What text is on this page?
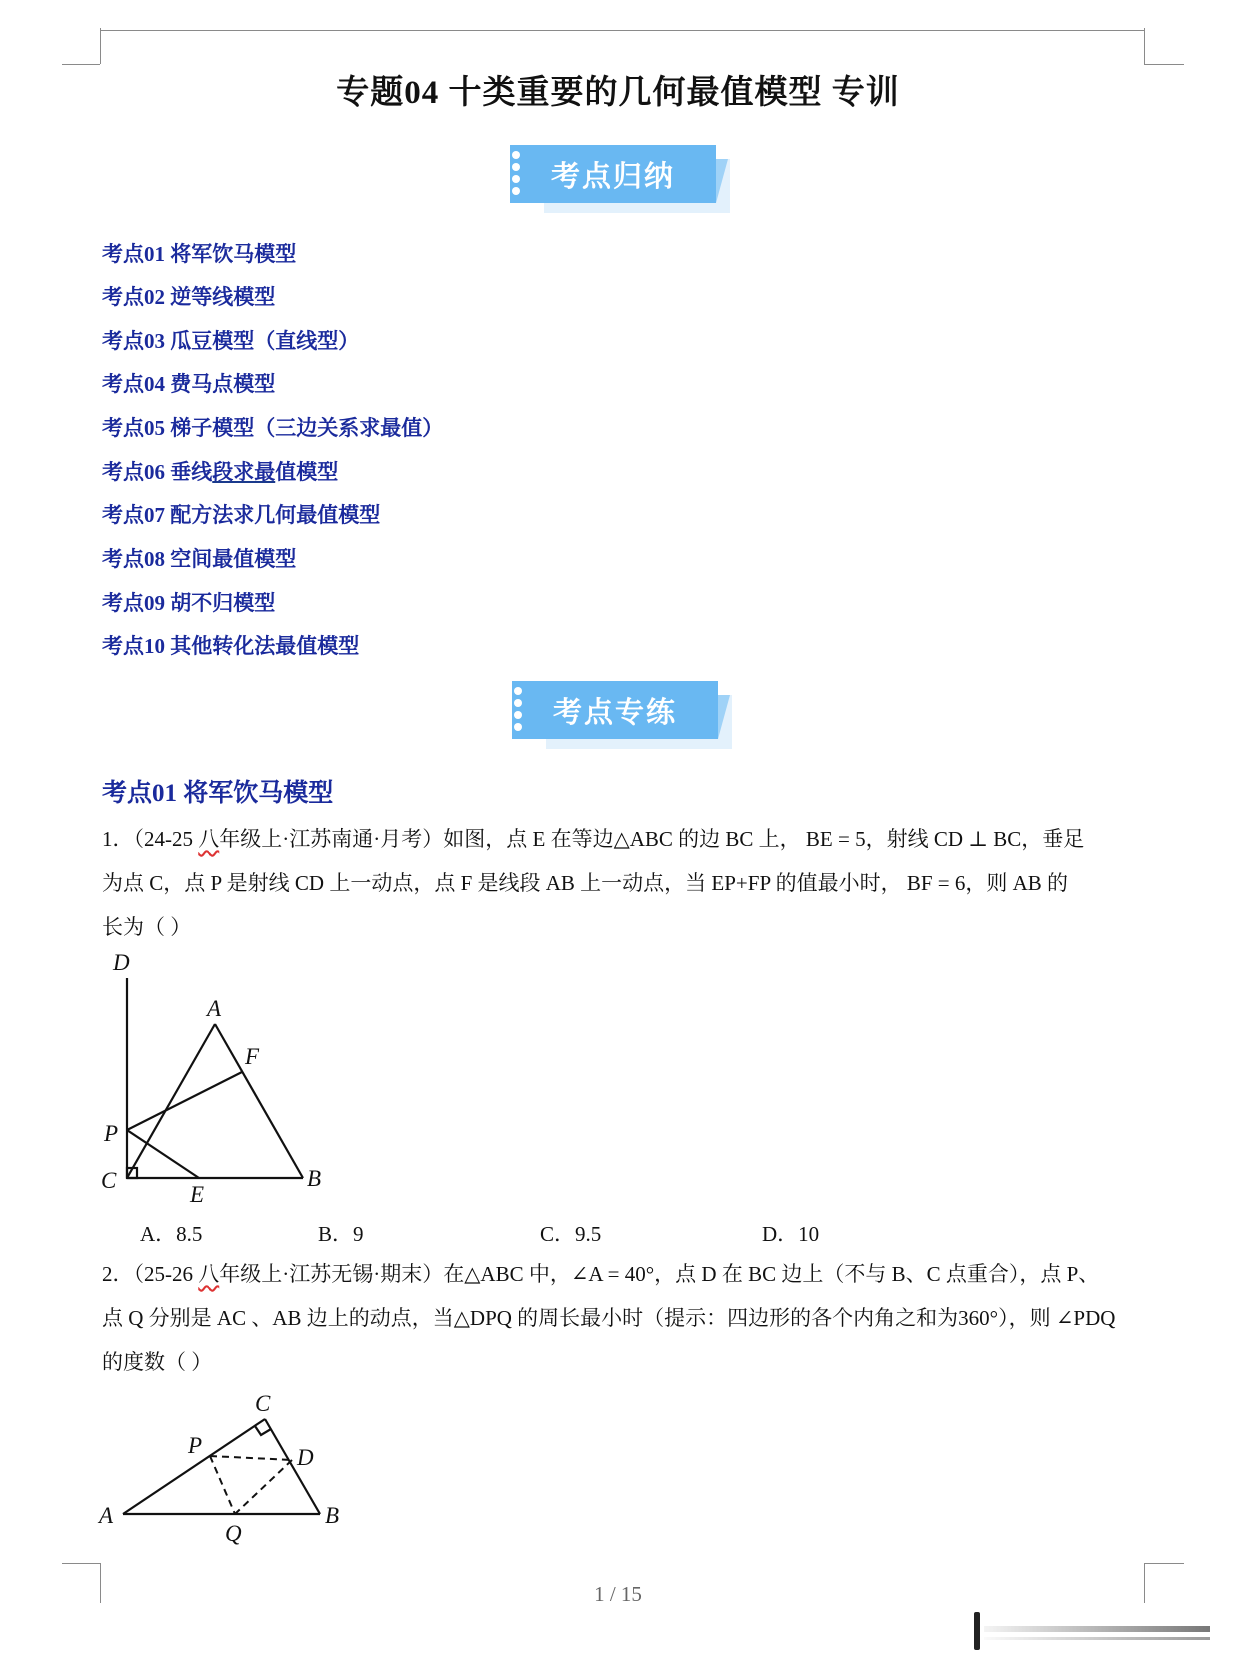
专题04 十类重要的几何最值模型 专训
考点归纳
考点01 将军饮马模型
考点02 逆等线模型
考点03 瓜豆模型（直线型）
考点04 费马点模型
考点05 梯子模型（三边关系求最值）
考点06 垂线段求最值模型
考点07 配方法求几何最值模型
考点08 空间最值模型
考点09 胡不归模型
考点10 其他转化法最值模型
考点专练
考点01 将军饮马模型
1．（24-25 八年级上·江苏南通·月考）如图，点 E 在等边△ABC 的边 BC 上， BE = 5，射线 CD ⊥ BC，垂足
为点 C，点 P 是射线 CD 上一动点，点 F 是线段 AB 上一动点，当 EP+FP 的值最小时， BF = 6，则 AB 的
长为（ ）
D
A
F
P
C
E
B
A．8.5	B．9	C．9.5	D．10
2．（25-26 八年级上·江苏无锡·期末）在△ABC 中，∠A = 40°，点 D 在 BC 边上（不与 B、C 点重合），点 P、
点 Q 分别是 AC 、AB 边上的动点，当△DPQ 的周长最小时（提示：四边形的各个内角之和为360°），则 ∠PDQ
的度数（ ）
C
P	D
A
Q
B
1 / 15
